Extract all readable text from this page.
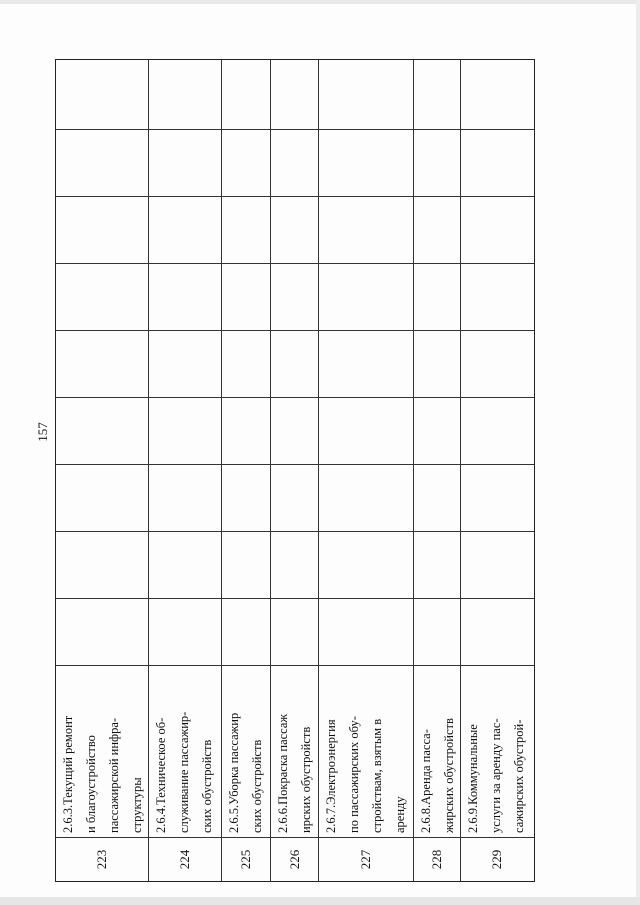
157
223
2.6.3.Текущий ремонт и благоустройство пассажирской инфра- структуры
224
2.6.4.Техническое об- служивание пассажир- ских обустройств
225
2.6.5.Уборка пассажир ских обустройств
226
2.6.6.Покраска пассаж ирских обустройств
227
2.6.7.Электроэнергия по пассажирских обу- стройствам, взятым в аренду
228
2.6.8.Аренда пасса- жирских обустройств
229
2.6.9.Коммунальные услуги за аренду пас- сажирских обустрой-
